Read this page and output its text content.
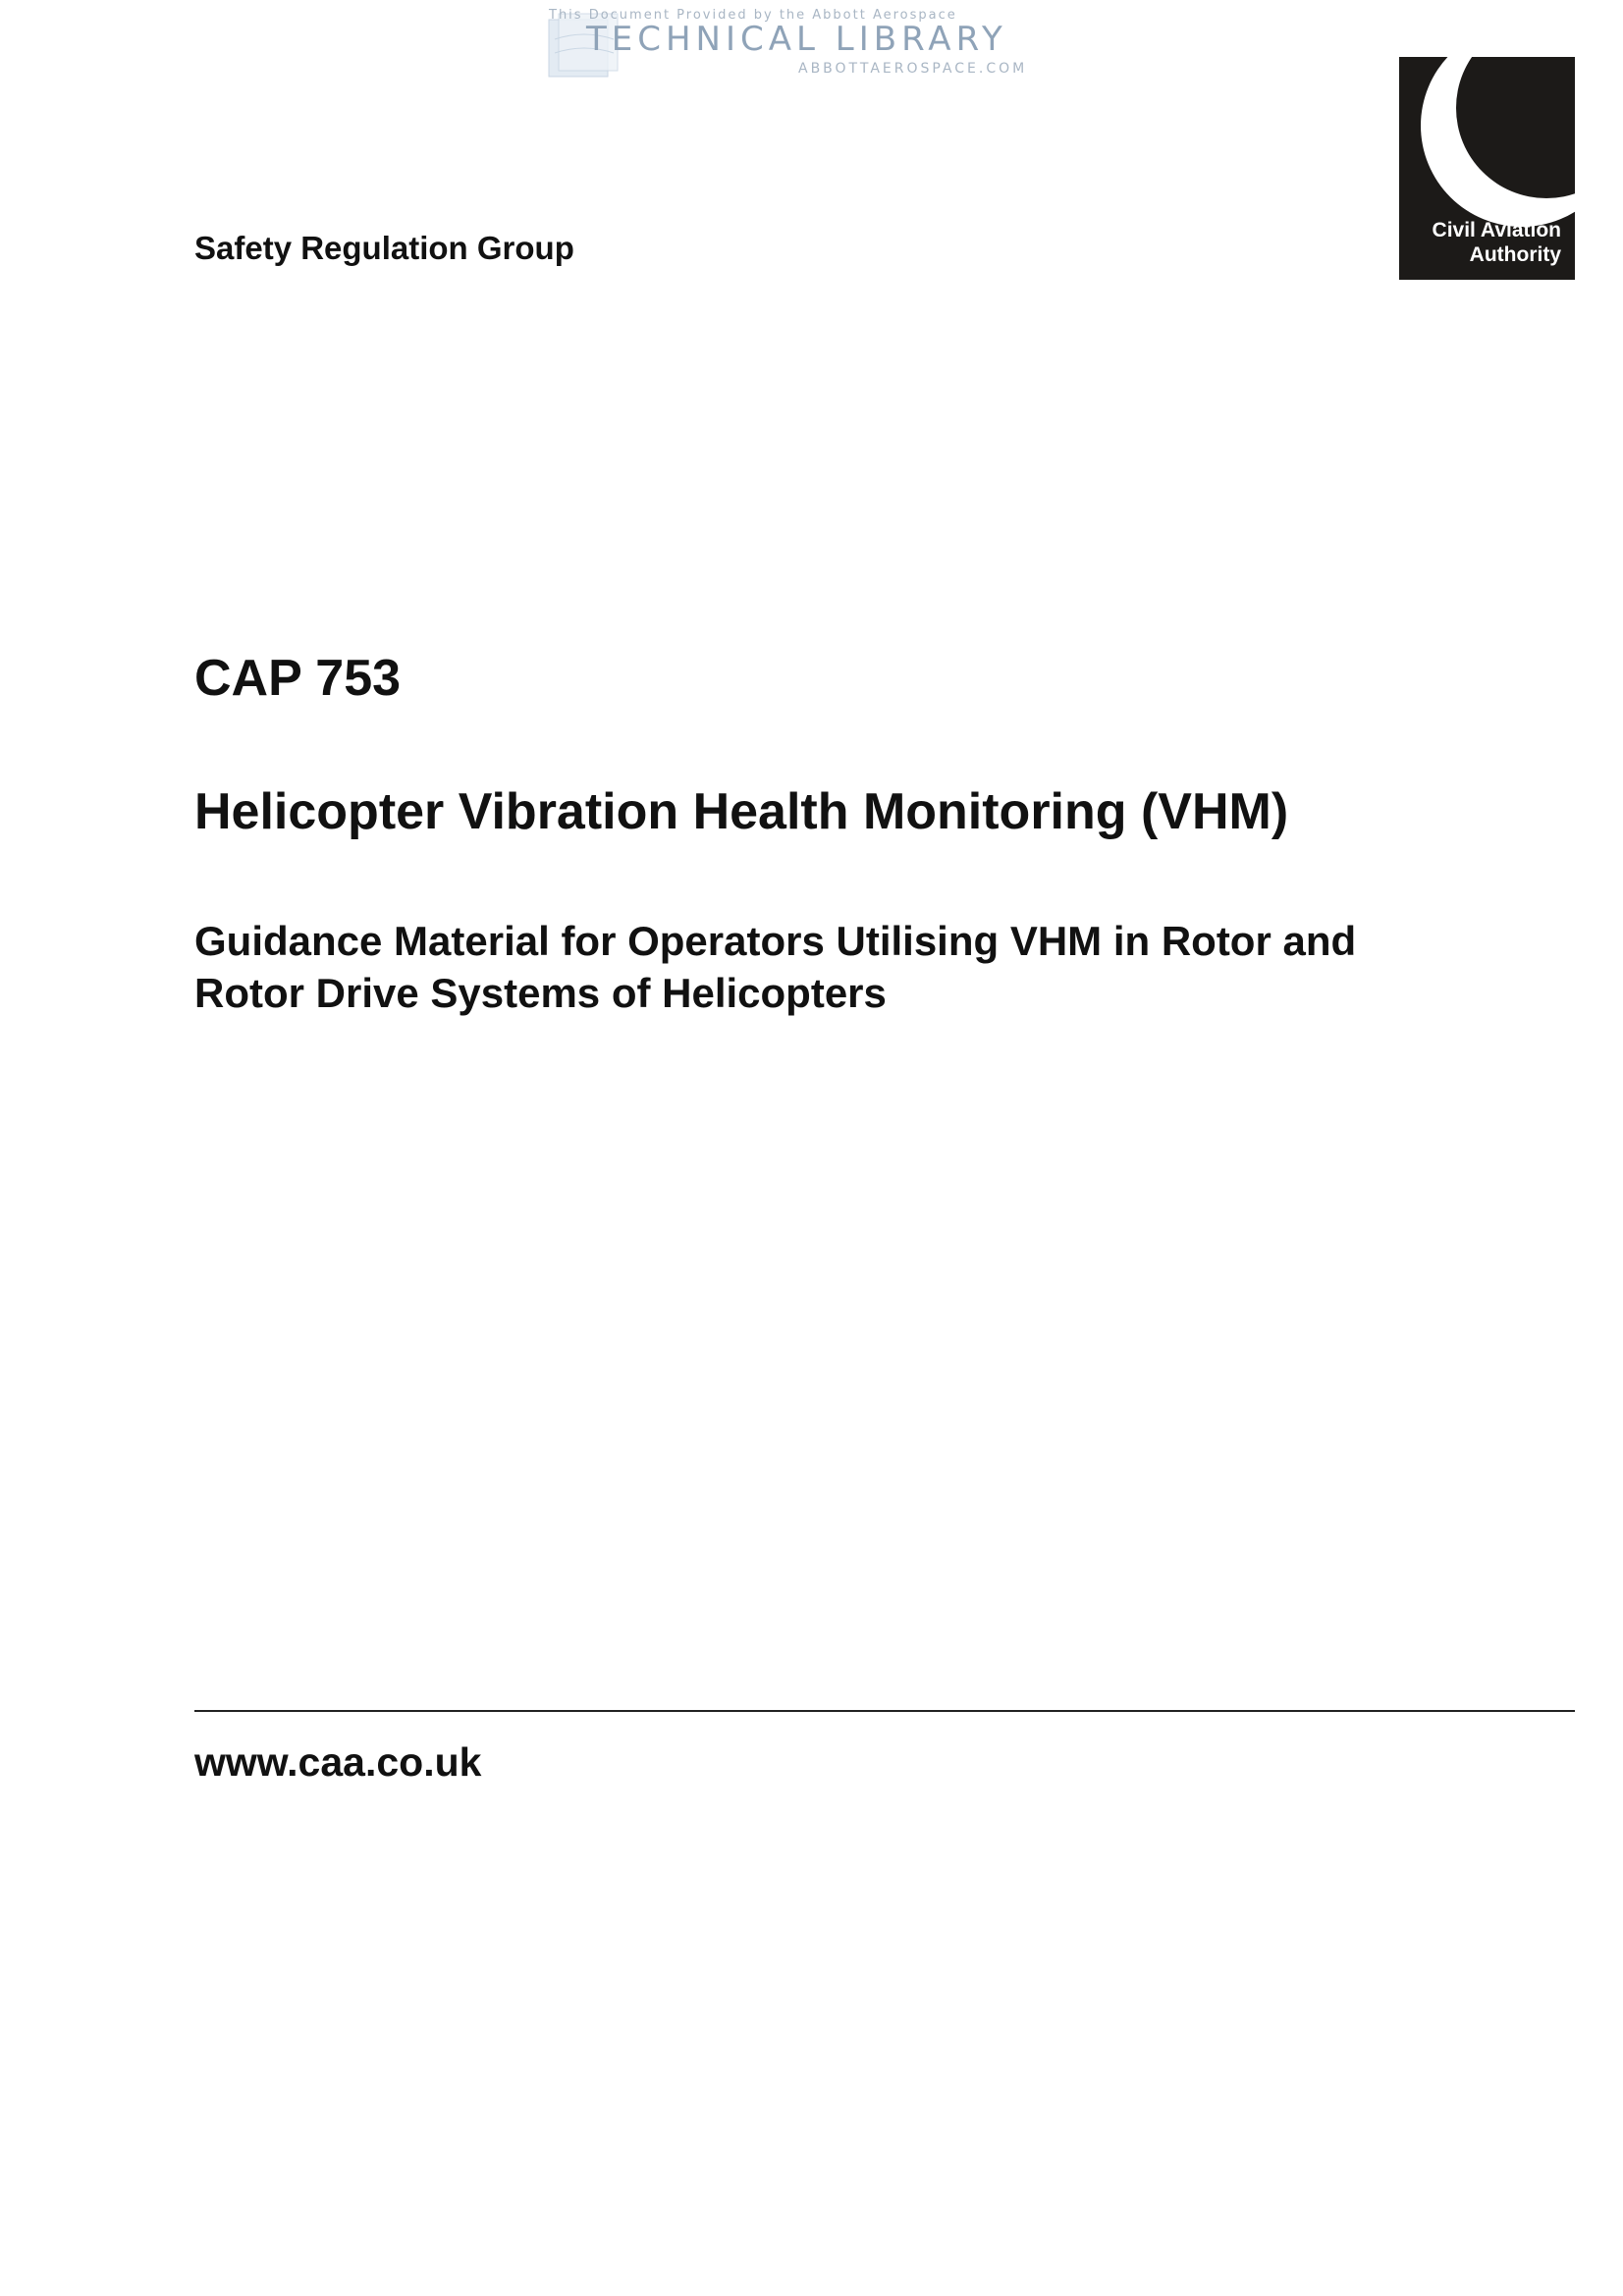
This Document Provided by the Abbott Aerospace
TECHNICAL LIBRARY
ABBOTTAEROSPACE.COM
Civil Aviation
Authority
Safety Regulation Group
CAP 753
Helicopter Vibration Health Monitoring (VHM)
Guidance Material for Operators Utilising VHM in Rotor and
Rotor Drive Systems of Helicopters
www.caa.co.uk
